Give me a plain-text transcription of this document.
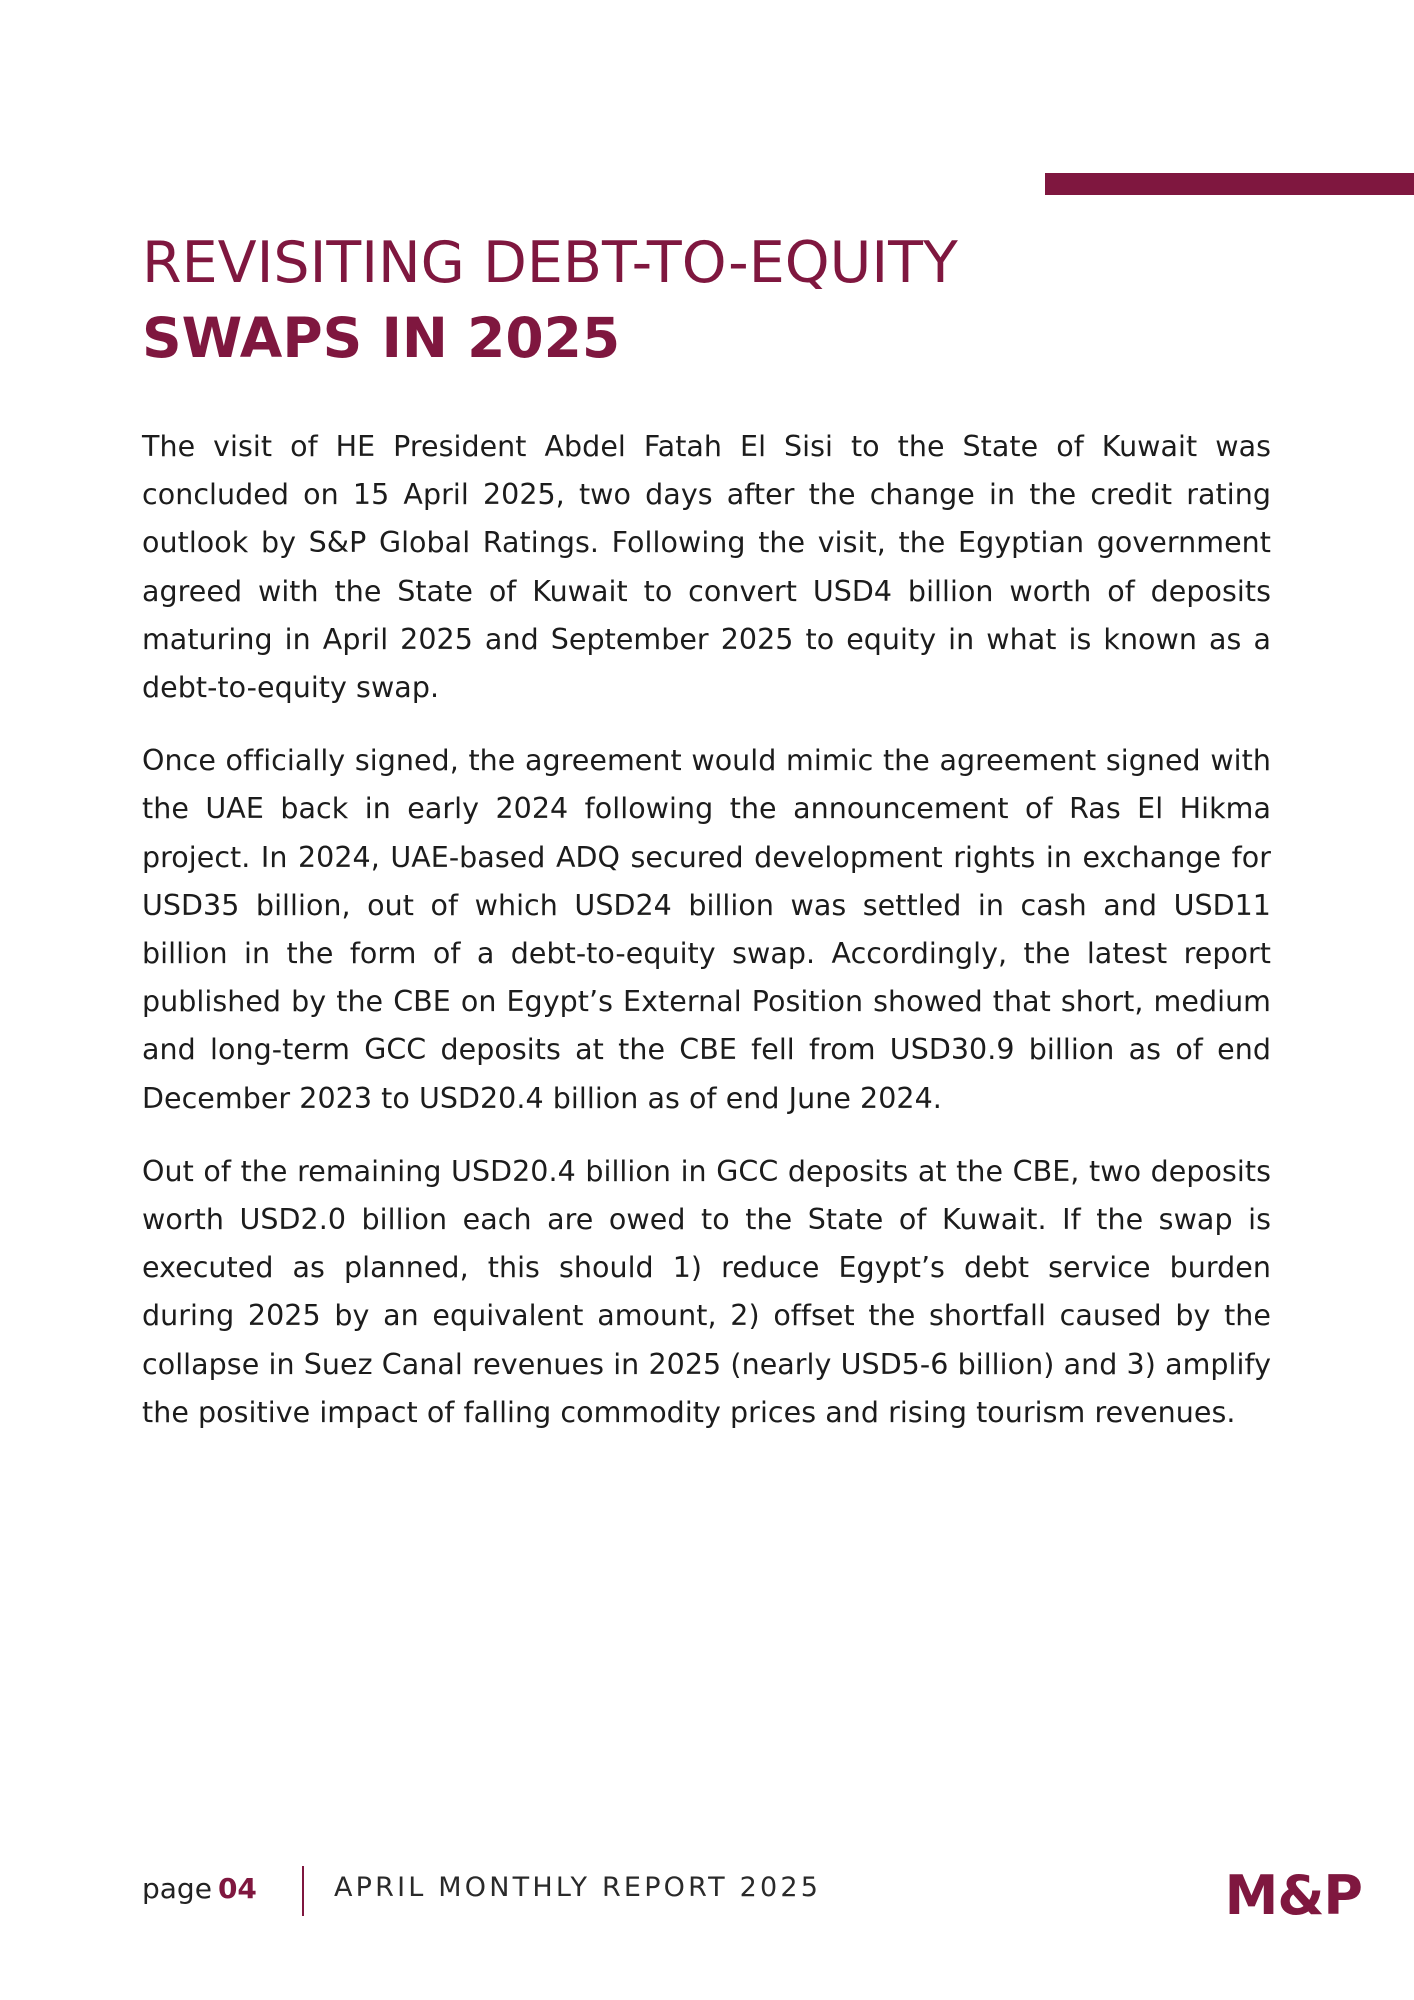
REVISITING DEBT-TO-EQUITY
SWAPS IN 2025

The visit of HE President Abdel Fatah El Sisi to the State of Kuwait was concluded on 15 April 2025, two days after the change in the credit rating outlook by S&P Global Ratings. Following the visit, the Egyptian government agreed with the State of Kuwait to convert USD4 billion worth of deposits maturing in April 2025 and September 2025 to equity in what is known as a debt-to-equity swap.

Once officially signed, the agreement would mimic the agreement signed with the UAE back in early 2024 following the announcement of Ras El Hikma project. In 2024, UAE-based ADQ secured development rights in exchange for USD35 billion, out of which USD24 billion was settled in cash and USD11 billion in the form of a debt-to-equity swap. Accordingly, the latest report published by the CBE on Egypt’s External Position showed that short, medium and long-term GCC deposits at the CBE fell from USD30.9 billion as of end December 2023 to USD20.4 billion as of end June 2024.

Out of the remaining USD20.4 billion in GCC deposits at the CBE, two deposits worth USD2.0 billion each are owed to the State of Kuwait. If the swap is executed as planned, this should 1) reduce Egypt’s debt service burden during 2025 by an equivalent amount, 2) offset the shortfall caused by the collapse in Suez Canal revenues in 2025 (nearly USD5-6 billion) and 3) amplify the positive impact of falling commodity prices and rising tourism revenues.

page 04	APRIL MONTHLY REPORT 2025	M&P
